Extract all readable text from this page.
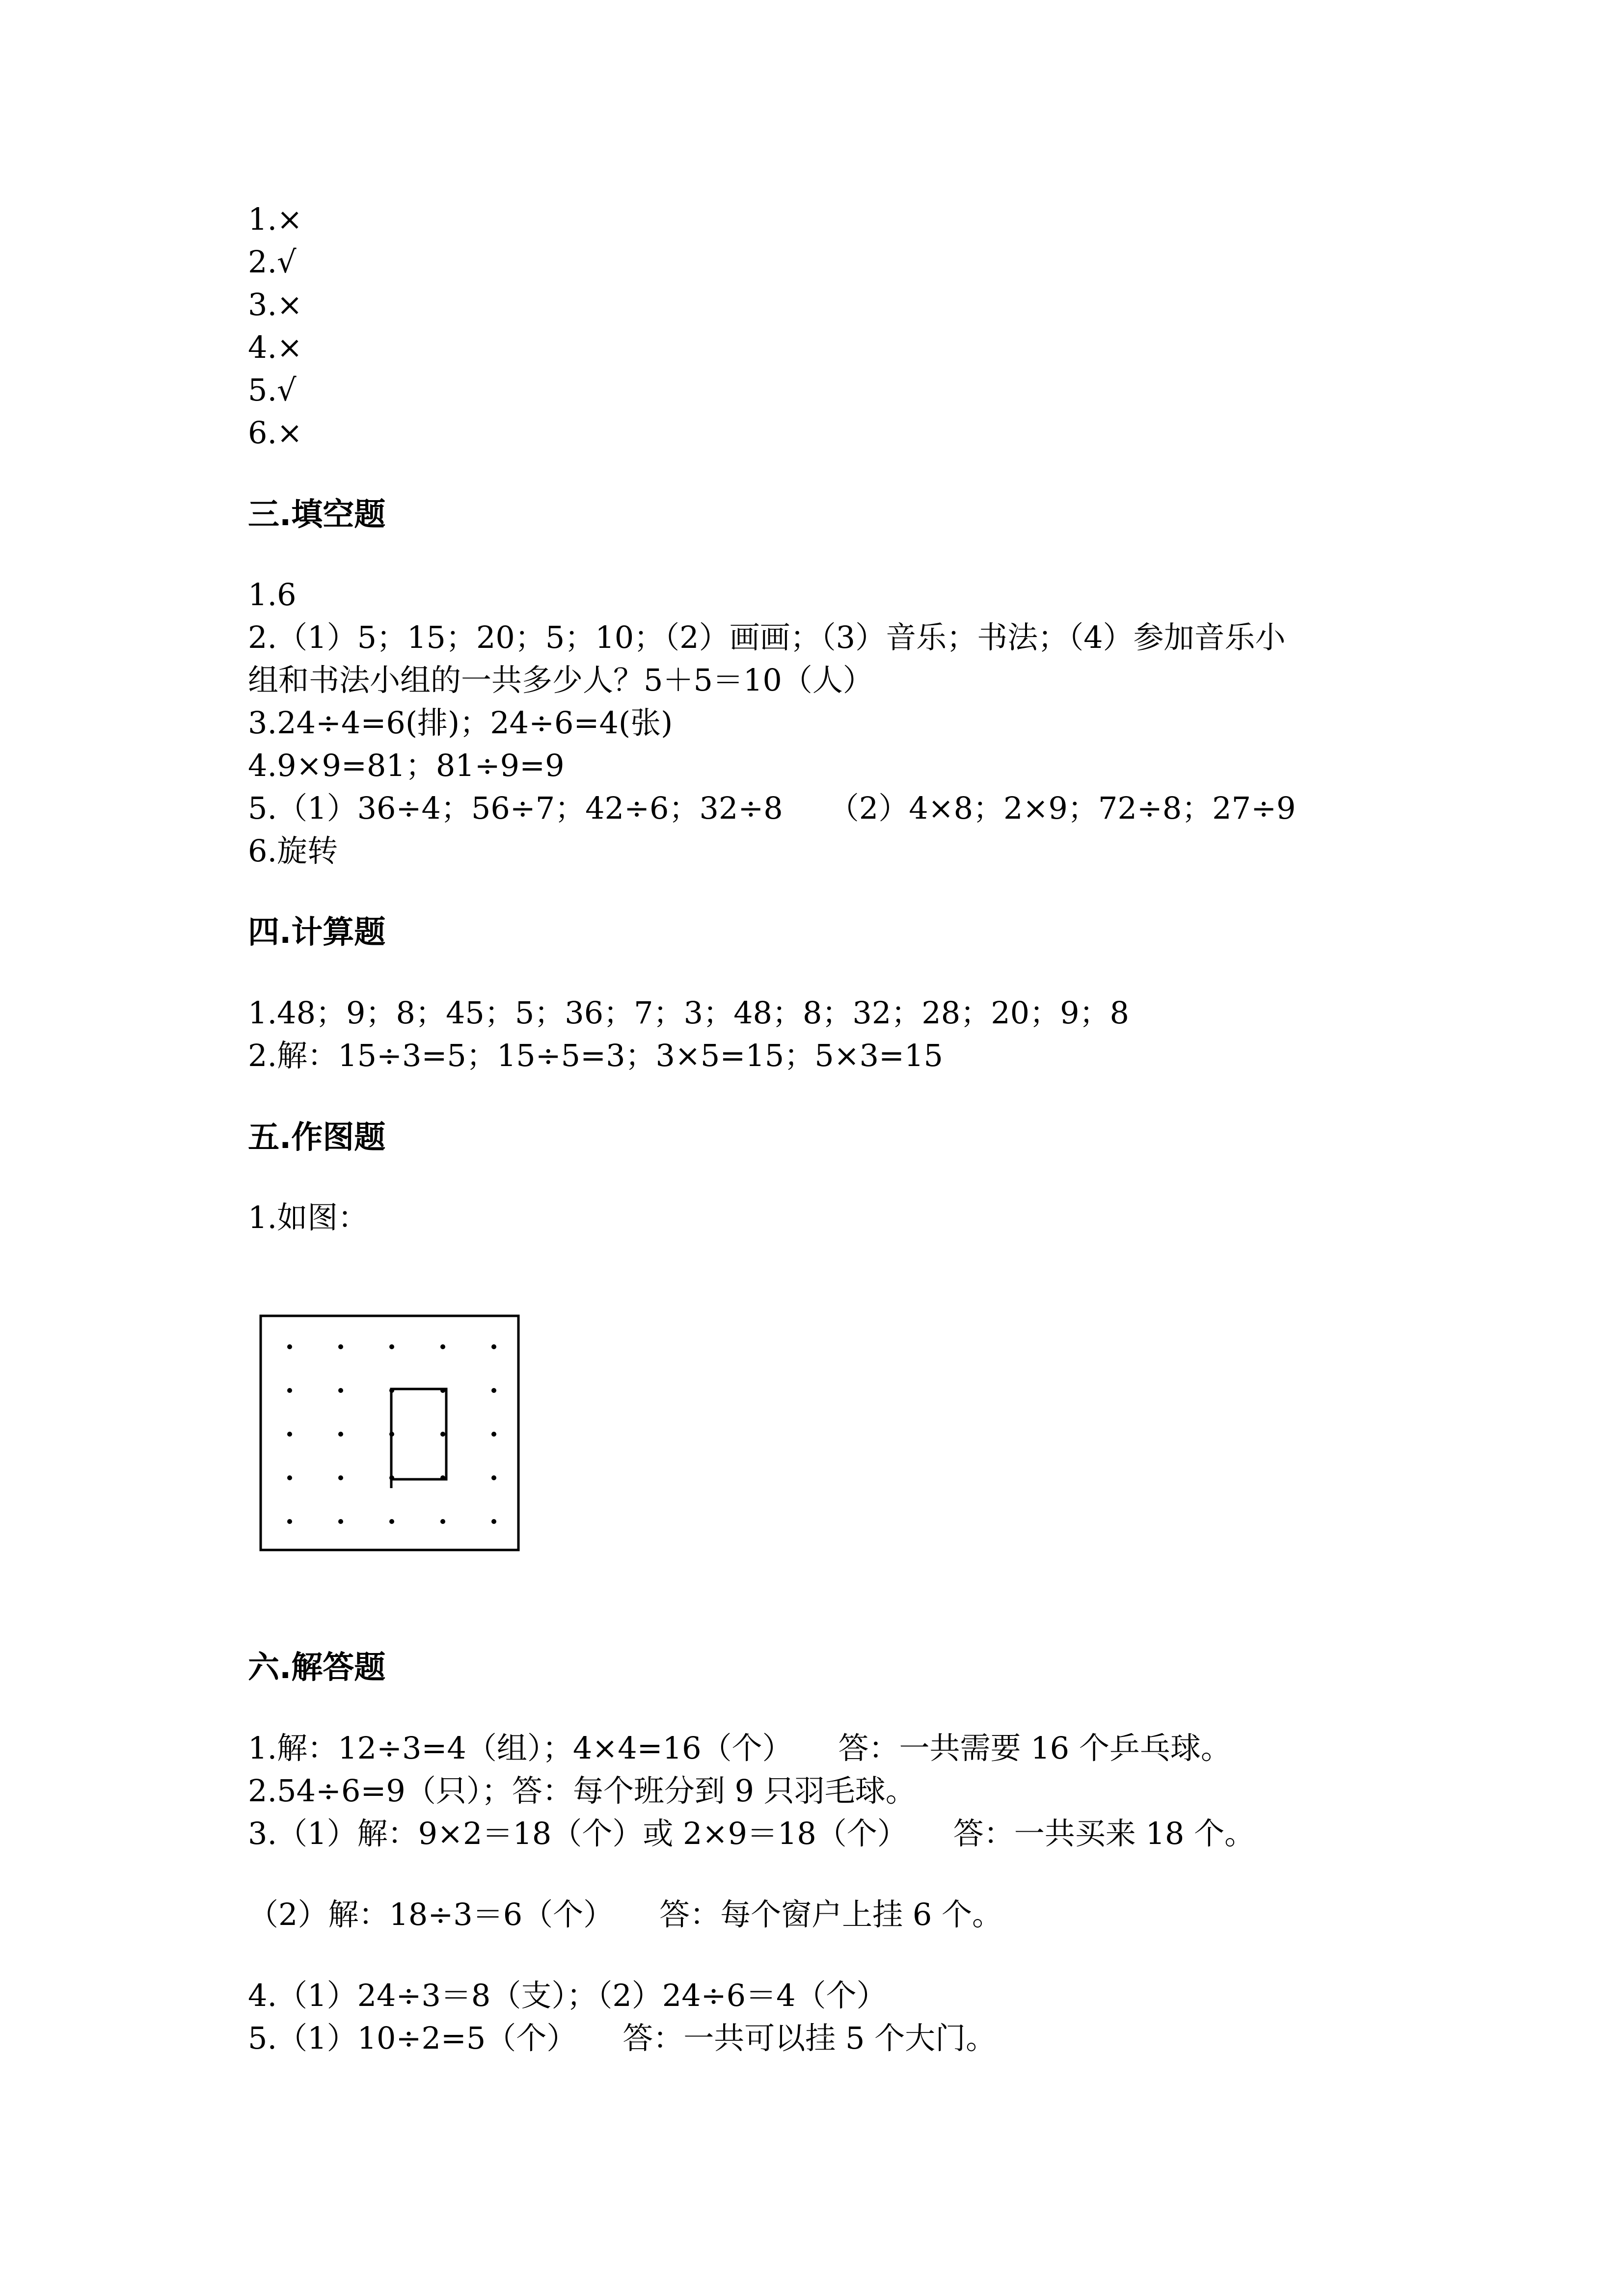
1.×

2.√

3.×

4.×

5.√

6.×

三.填空题

1.6

2.（1）5；15；20；5；10；（2）画画；（3）音乐；书法；（4）参加音乐小

组和书法小组的一共多少人？5＋5＝10（人）

3.24÷4=6(排)；24÷6=4(张)

4.9×9=81；81÷9=9

5.（1）36÷4；56÷7；42÷6；32÷8　　（2）4×8；2×9；72÷8；27÷9

6.旋转

四.计算题

1.48；9；8；45；5；36；7；3；48；8；32；28；20；9；8

2.解：15÷3=5；15÷5=3；3×5=15；5×3=15

五.作图题

1.如图：

六.解答题

1.解：12÷3=4（组）；4×4=16（个）　　答：一共需要 16 个乒乓球。

2.54÷6=9（只）；答：每个班分到 9 只羽毛球。

3.（1）解：9×2＝18（个）或 2×9＝18（个）　　答：一共买来 18 个。

（2）解：18÷3＝6（个）　　答：每个窗户上挂 6 个。

4.（1）24÷3＝8（支）；（2）24÷6＝4（个）

5.（1）10÷2=5（个）　　答：一共可以挂 5 个大门。
